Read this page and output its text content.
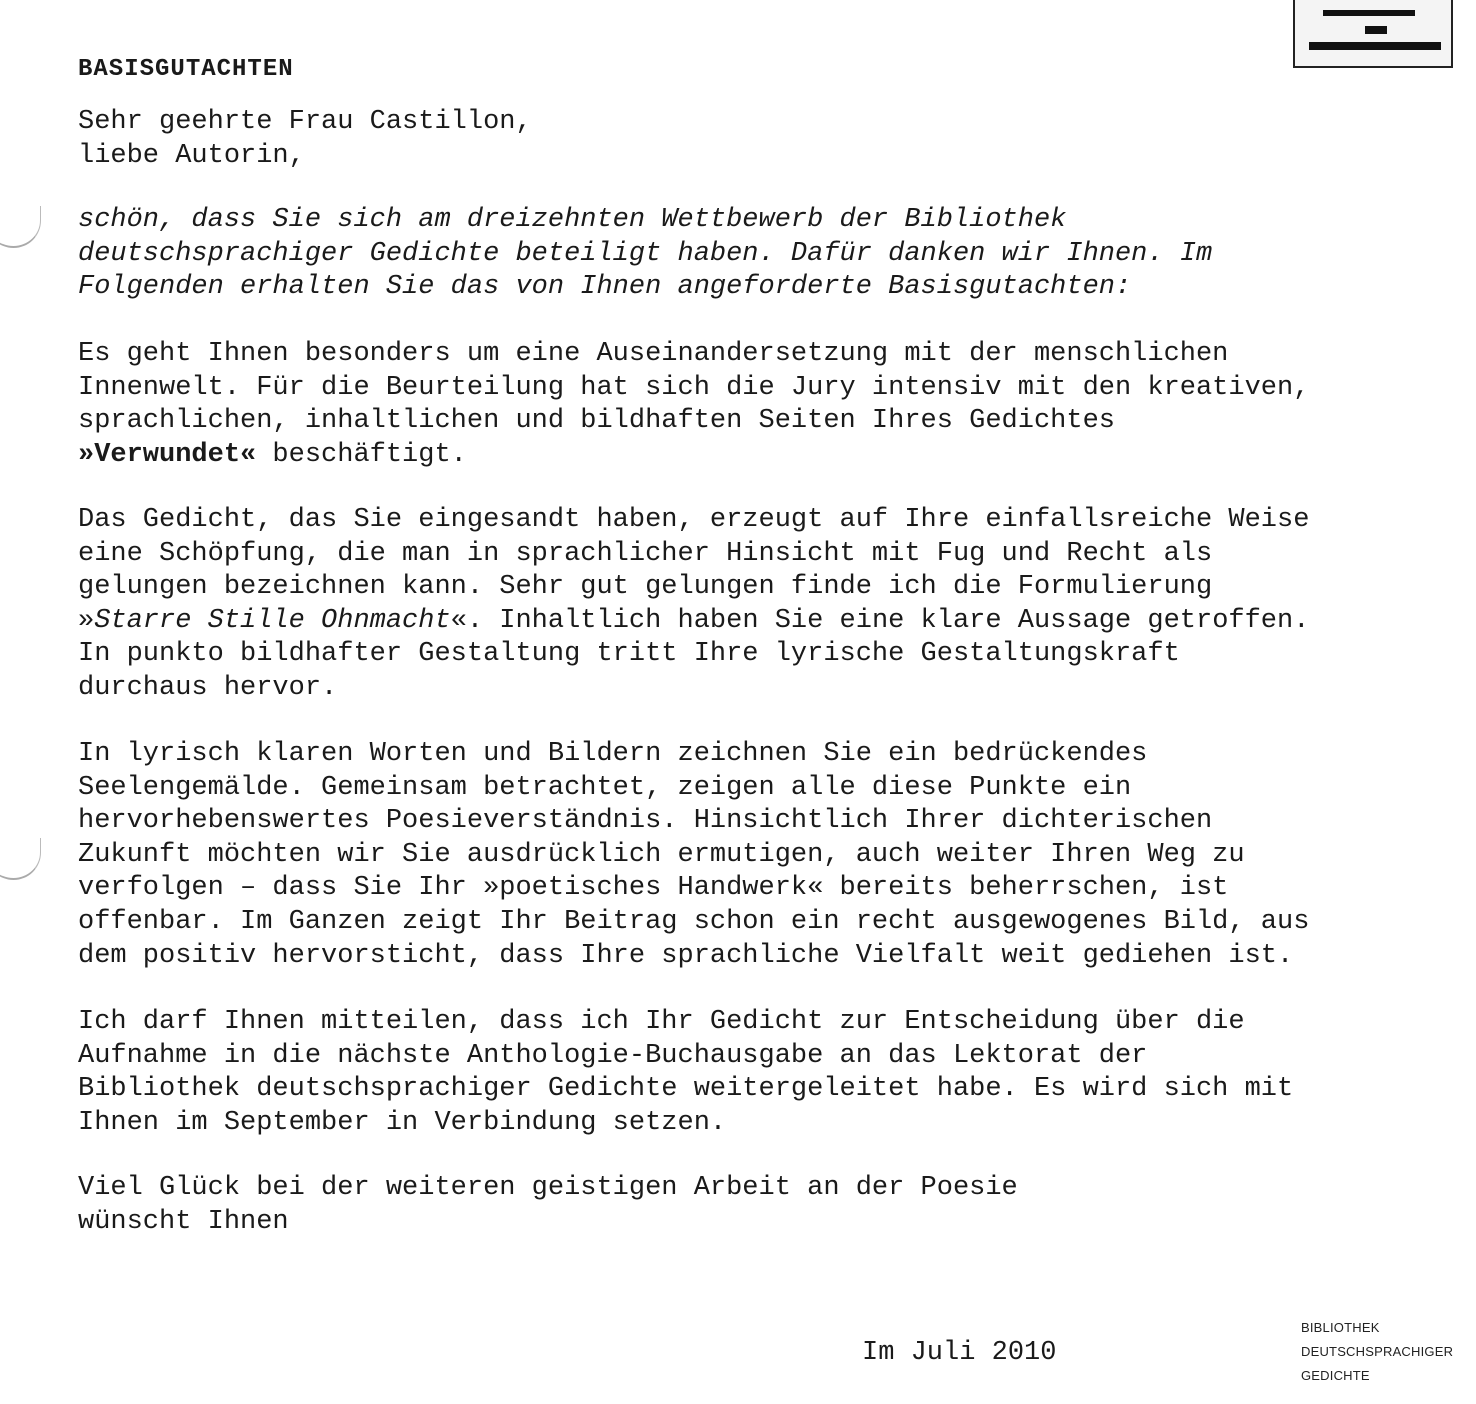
BASISGUTACHTEN

Sehr geehrte Frau Castillon,
liebe Autorin,

schön, dass Sie sich am dreizehnten Wettbewerb der Bibliothek
deutschsprachiger Gedichte beteiligt haben. Dafür danken wir Ihnen. Im
Folgenden erhalten Sie das von Ihnen angeforderte Basisgutachten:

Es geht Ihnen besonders um eine Auseinandersetzung mit der menschlichen
Innenwelt. Für die Beurteilung hat sich die Jury intensiv mit den kreativen,
sprachlichen, inhaltlichen und bildhaften Seiten Ihres Gedichtes
»Verwundet« beschäftigt.

Das Gedicht, das Sie eingesandt haben, erzeugt auf Ihre einfallsreiche Weise
eine Schöpfung, die man in sprachlicher Hinsicht mit Fug und Recht als
gelungen bezeichnen kann. Sehr gut gelungen finde ich die Formulierung
»Starre Stille Ohnmacht«. Inhaltlich haben Sie eine klare Aussage getroffen.
In punkto bildhafter Gestaltung tritt Ihre lyrische Gestaltungskraft
durchaus hervor.

In lyrisch klaren Worten und Bildern zeichnen Sie ein bedrückendes
Seelengemälde. Gemeinsam betrachtet, zeigen alle diese Punkte ein
hervorhebenswertes Poesieverständnis. Hinsichtlich Ihrer dichterischen
Zukunft möchten wir Sie ausdrücklich ermutigen, auch weiter Ihren Weg zu
verfolgen – dass Sie Ihr »poetisches Handwerk« bereits beherrschen, ist
offenbar. Im Ganzen zeigt Ihr Beitrag schon ein recht ausgewogenes Bild, aus
dem positiv hervorsticht, dass Ihre sprachliche Vielfalt weit gediehen ist.

Ich darf Ihnen mitteilen, dass ich Ihr Gedicht zur Entscheidung über die
Aufnahme in die nächste Anthologie-Buchausgabe an das Lektorat der
Bibliothek deutschsprachiger Gedichte weitergeleitet habe. Es wird sich mit
Ihnen im September in Verbindung setzen.

Viel Glück bei der weiteren geistigen Arbeit an der Poesie
wünscht Ihnen

Im Juli 2010

BIBLIOTHEK
DEUTSCHSPRACHIGER
GEDICHTE
